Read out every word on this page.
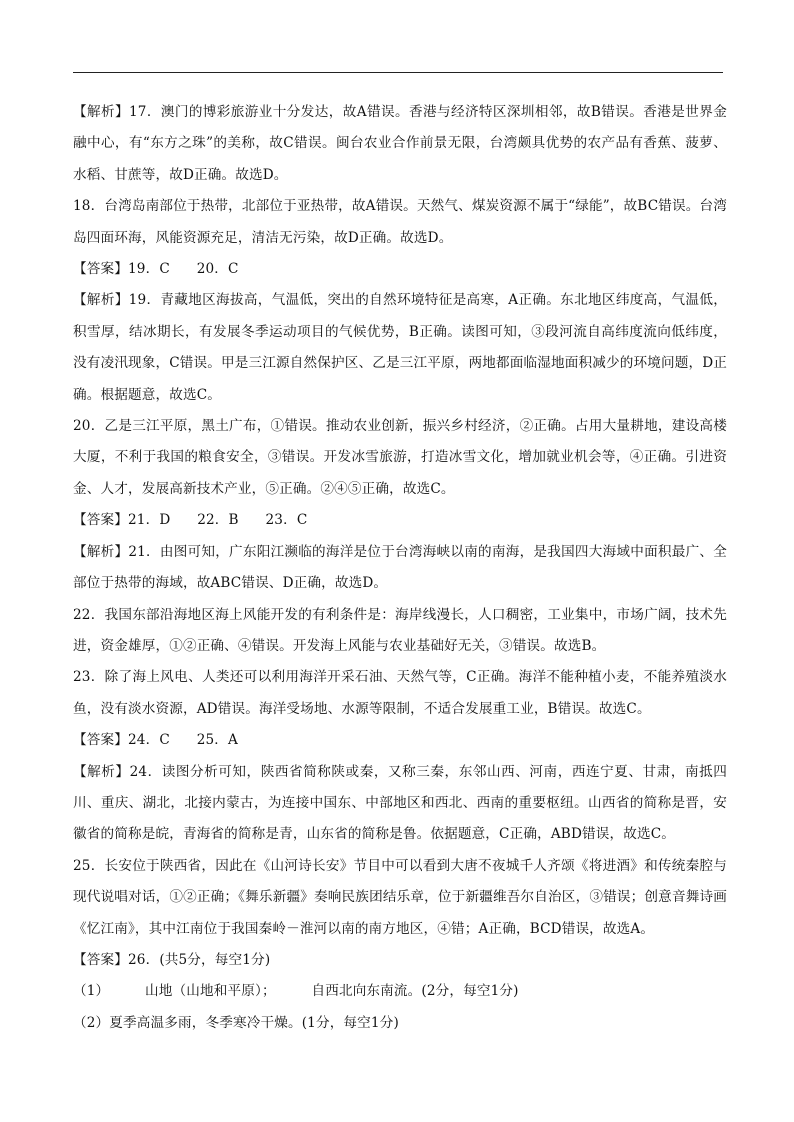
【解析】17．澳门的博彩旅游业十分发达，故A错误。香港与经济特区深圳相邻，故B错误。香港是世界金融中心，有“东方之珠”的美称，故C错误。闽台农业合作前景无限，台湾颇具优势的农产品有香蕉、菠萝、水稻、甘蔗等，故D正确。故选D。

18．台湾岛南部位于热带，北部位于亚热带，故A错误。天然气、煤炭资源不属于“绿能”，故BC错误。台湾岛四面环海，风能资源充足，清洁无污染，故D正确。故选D。

【答案】19．C      20．C

【解析】19．青藏地区海拔高，气温低，突出的自然环境特征是高寒，A正确。东北地区纬度高，气温低，积雪厚，结冰期长，有发展冬季运动项目的气候优势，B正确。读图可知，③段河流自高纬度流向低纬度，没有凌汛现象，C错误。甲是三江源自然保护区、乙是三江平原，两地都面临湿地面积减少的环境问题，D正确。根据题意，故选C。

20．乙是三江平原，黑土广布，①错误。推动农业创新，振兴乡村经济，②正确。占用大量耕地，建设高楼大厦，不利于我国的粮食安全，③错误。开发冰雪旅游，打造冰雪文化，增加就业机会等，④正确。引进资金、人才，发展高新技术产业，⑤正确。②④⑤正确，故选C。

【答案】21．D      22．B      23．C

【解析】21．由图可知，广东阳江濒临的海洋是位于台湾海峡以南的南海，是我国四大海域中面积最广、全部位于热带的海域，故ABC错误、D正确，故选D。

22．我国东部沿海地区海上风能开发的有利条件是：海岸线漫长，人口稠密，工业集中，市场广阔，技术先进，资金雄厚，①②正确、④错误。开发海上风能与农业基础好无关，③错误。故选B。

23．除了海上风电、人类还可以利用海洋开采石油、天然气等，C正确。海洋不能种植小麦，不能养殖淡水鱼，没有淡水资源，AD错误。海洋受场地、水源等限制，不适合发展重工业，B错误。故选C。

【答案】24．C      25．A

【解析】24．读图分析可知，陕西省简称陕或秦，又称三秦，东邻山西、河南，西连宁夏、甘肃，南抵四川、重庆、湖北，北接内蒙古，为连接中国东、中部地区和西北、西南的重要枢纽。山西省的简称是晋，安徽省的简称是皖，青海省的简称是青，山东省的简称是鲁。依据题意，C正确，ABD错误，故选C。

25．长安位于陕西省，因此在《山河诗长安》节目中可以看到大唐不夜城千人齐颂《将进酒》和传统秦腔与现代说唱对话，①②正确；《舞乐新疆》奏响民族团结乐章，位于新疆维吾尔自治区，③错误；创意音舞诗画《忆江南》，其中江南位于我国秦岭－淮河以南的南方地区，④错；A正确，BCD错误，故选A。

【答案】26．(共5分，每空1分)

（1）        山地（山地和平原）；        自西北向东南流。(2分，每空1分)

（2）夏季高温多雨，冬季寒冷干燥。(1分，每空1分)
